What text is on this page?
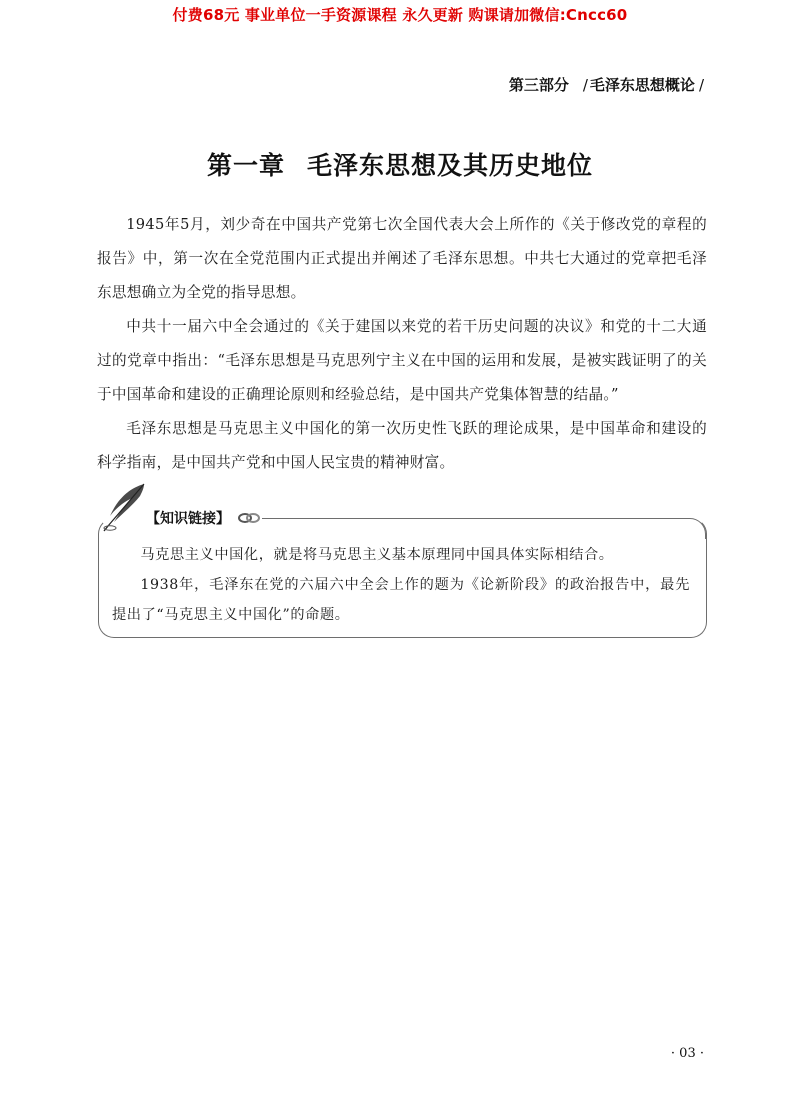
付费68元 事业单位一手资源课程 永久更新 购课请加微信:Cncc60
第三部分 / 毛泽东思想概论 /
第一章 毛泽东思想及其历史地位

1945年5月，刘少奇在中国共产党第七次全国代表大会上所作的《关于修改党的章程的报告》中，第一次在全党范围内正式提出并阐述了毛泽东思想。中共七大通过的党章把毛泽东思想确立为全党的指导思想。

中共十一届六中全会通过的《关于建国以来党的若干历史问题的决议》和党的十二大通过的党章中指出：“毛泽东思想是马克思列宁主义在中国的运用和发展，是被实践证明了的关于中国革命和建设的正确理论原则和经验总结，是中国共产党集体智慧的结晶。”

毛泽东思想是马克思主义中国化的第一次历史性飞跃的理论成果，是中国革命和建设的科学指南，是中国共产党和中国人民宝贵的精神财富。

【知识链接】

马克思主义中国化，就是将马克思主义基本原理同中国具体实际相结合。

1938年，毛泽东在党的六届六中全会上作的题为《论新阶段》的政治报告中，最先提出了“马克思主义中国化”的命题。

· 03 ·
